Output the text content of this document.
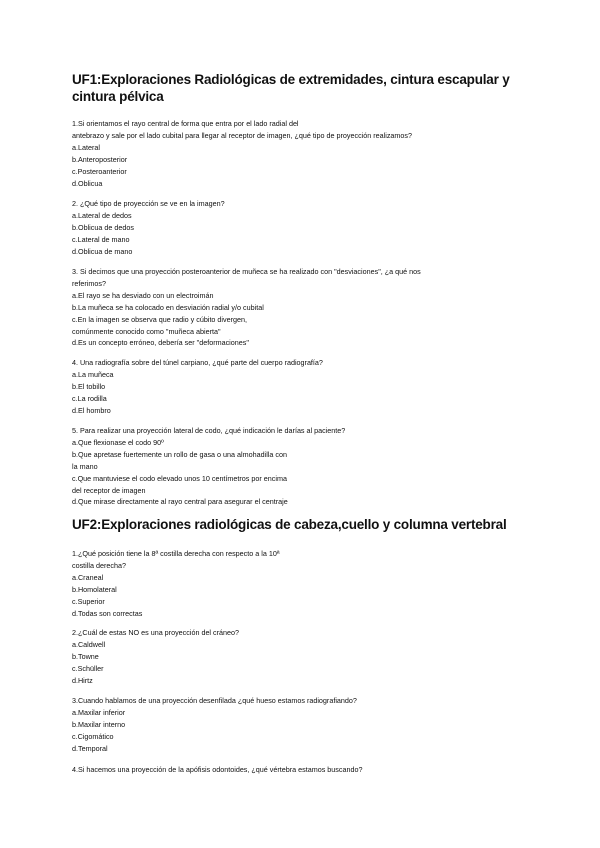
UF1:Exploraciones Radiológicas de extremidades, cintura escapular y cintura pélvica
1.Si orientamos el rayo central de forma que entra por el lado radial del
antebrazo y sale por el lado cubital para llegar al receptor de imagen, ¿qué tipo de proyección realizamos?
a.Lateral
b.Anteroposterior
c.Posteroanterior
d.Oblicua
2. ¿Qué tipo de proyección se ve en la imagen?
a.Lateral de dedos
b.Oblicua de dedos
c.Lateral de mano
d.Oblicua de mano
3. Si decimos que una proyección posteroanterior de muñeca se ha realizado con "desviaciones", ¿a qué nos
referimos?
a.El rayo se ha desviado con un electroimán
b.La muñeca se ha colocado en desviación radial y/o cubital
c.En la imagen se observa que radio y cúbito divergen,
comúnmente conocido como "muñeca abierta"
d.Es un concepto erróneo, debería ser "deformaciones"
4. Una radiografía sobre del túnel carpiano, ¿qué parte del cuerpo radiografía?
a.La muñeca
b.El tobillo
c.La rodilla
d.El hombro
5. Para realizar una proyección lateral de codo, ¿qué indicación le darías al paciente?
a.Que flexionase el codo 90º
b.Que apretase fuertemente un rollo de gasa o una almohadilla con
la mano
c.Que mantuviese el codo elevado unos 10 centímetros por encima
del receptor de imagen
d.Que mirase directamente al rayo central para asegurar el centraje
UF2:Exploraciones radiológicas de cabeza,cuello y columna vertebral
1.¿Qué posición tiene la 8ª costilla derecha con respecto a la 10ª
costilla derecha?
a.Craneal
b.Homolateral
c.Superior
d.Todas son correctas
2.¿Cuál de estas NO es una proyección del cráneo?
a.Caldwell
b.Towne
c.Schüller
d.Hirtz
3.Cuando hablamos de una proyección desenfilada ¿qué hueso estamos radiografiando?
a.Maxilar inferior
b.Maxilar interno
c.Cigomático
d.Temporal
4.Si hacemos una proyección de la apófisis odontoides, ¿qué vértebra estamos buscando?
